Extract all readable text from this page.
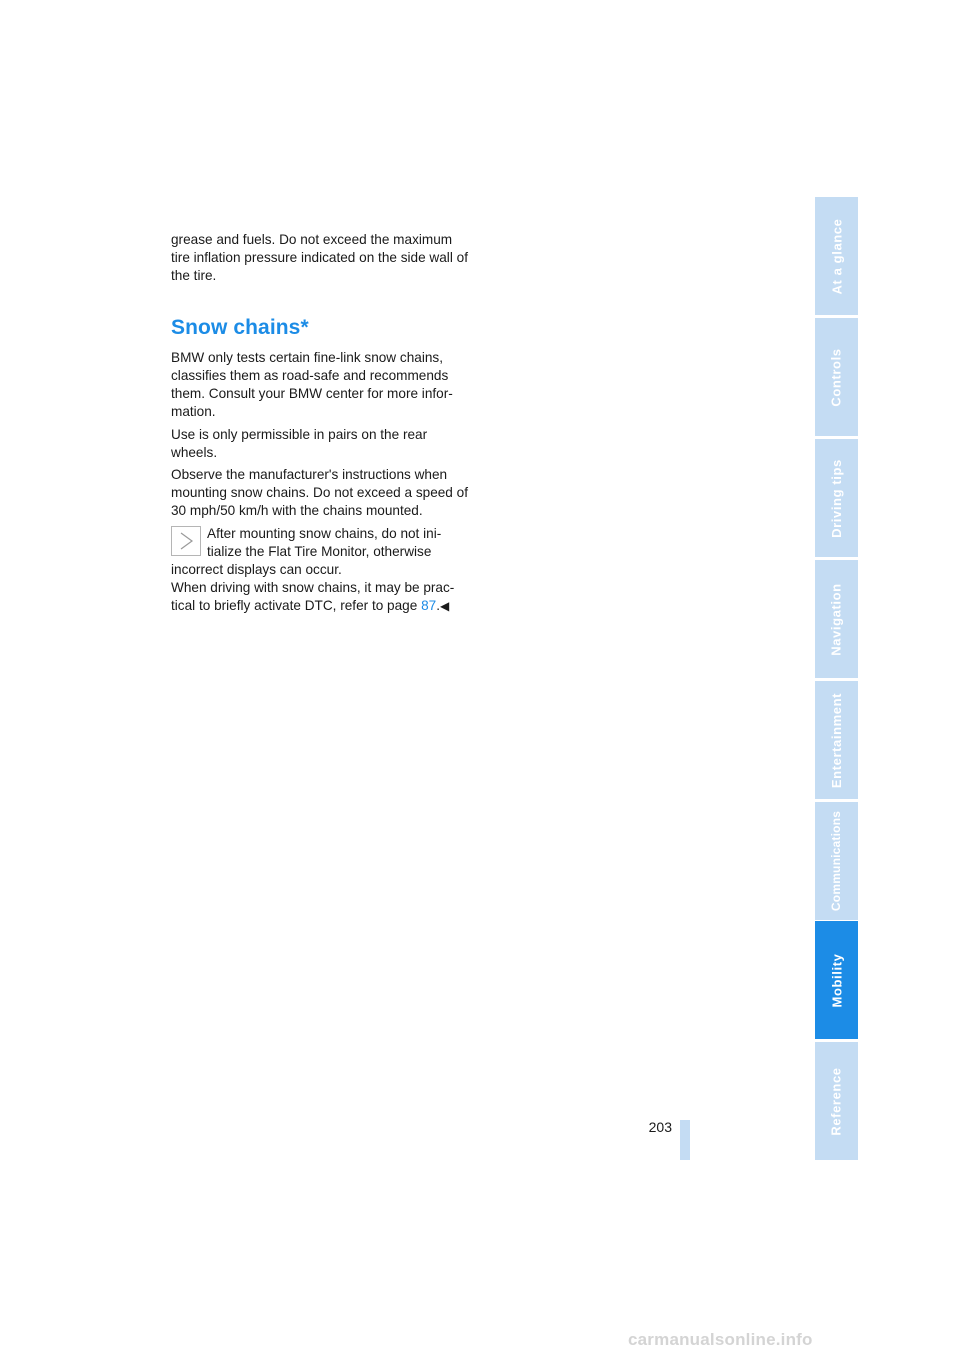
grease and fuels. Do not exceed the maximum tire inflation pressure indicated on the side wall of the tire.

Snow chains*

BMW only tests certain fine-link snow chains, classifies them as road-safe and recommends them. Consult your BMW center for more infor-mation.

Use is only permissible in pairs on the rear wheels.

Observe the manufacturer's instructions when mounting snow chains. Do not exceed a speed of 30 mph/50 km/h with the chains mounted.

After mounting snow chains, do not ini-
tialize the Flat Tire Monitor, otherwise
incorrect displays can occur.
When driving with snow chains, it may be prac-tical to briefly activate DTC, refer to page 87.◀
203
At a glance
Controls
Driving tips
Navigation
Entertainment
Communications
Mobility
Reference
carmanualsonline.info
